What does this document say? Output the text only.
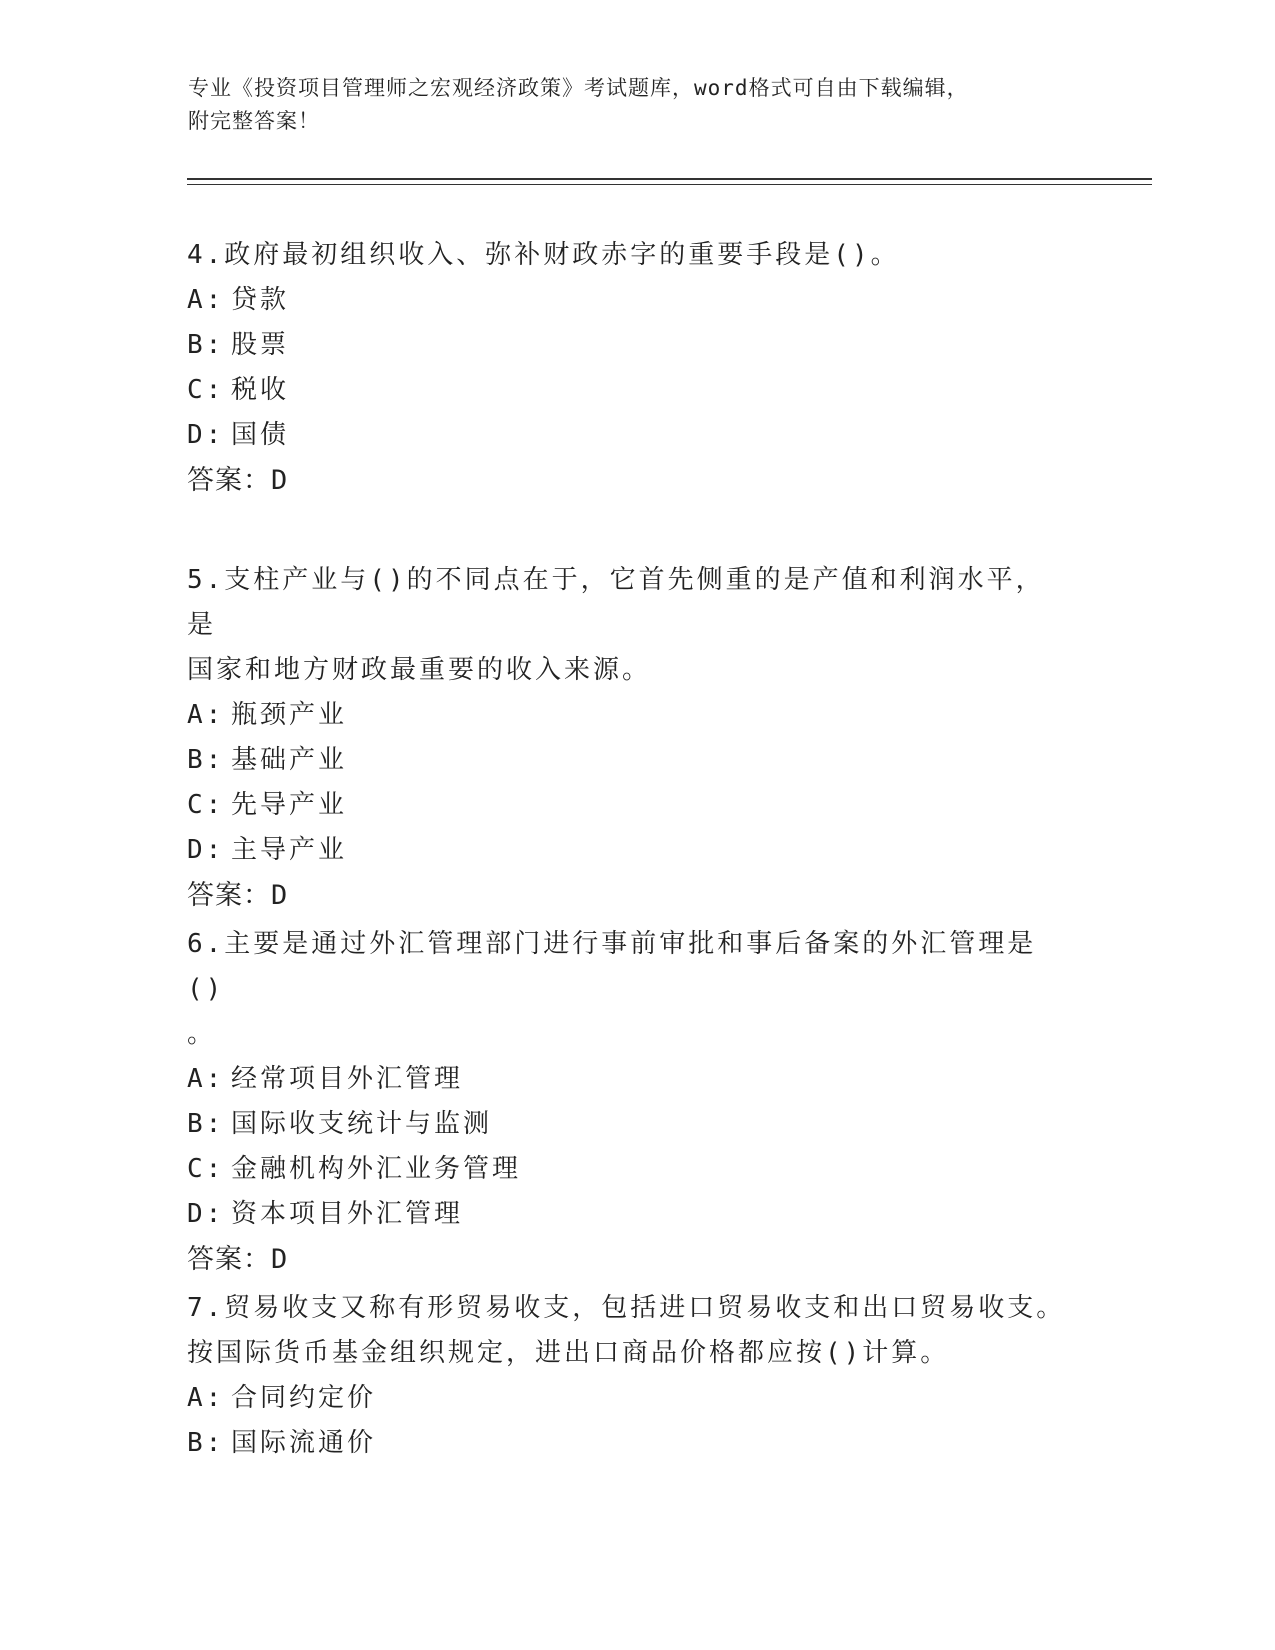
专业《投资项目管理师之宏观经济政策》考试题库，word格式可自由下载编辑，
附完整答案！

4.政府最初组织收入、弥补财政赤字的重要手段是()。

A: 贷款

B: 股票

C: 税收

D: 国债

答案：D

5.支柱产业与()的不同点在于，它首先侧重的是产值和利润水平，是

国家和地方财政最重要的收入来源。

A: 瓶颈产业

B: 基础产业

C: 先导产业

D: 主导产业

答案：D

6.主要是通过外汇管理部门进行事前审批和事后备案的外汇管理是()

。

A: 经常项目外汇管理

B: 国际收支统计与监测

C: 金融机构外汇业务管理

D: 资本项目外汇管理

答案：D

7.贸易收支又称有形贸易收支，包括进口贸易收支和出口贸易收支。

按国际货币基金组织规定，进出口商品价格都应按()计算。

A: 合同约定价

B: 国际流通价
